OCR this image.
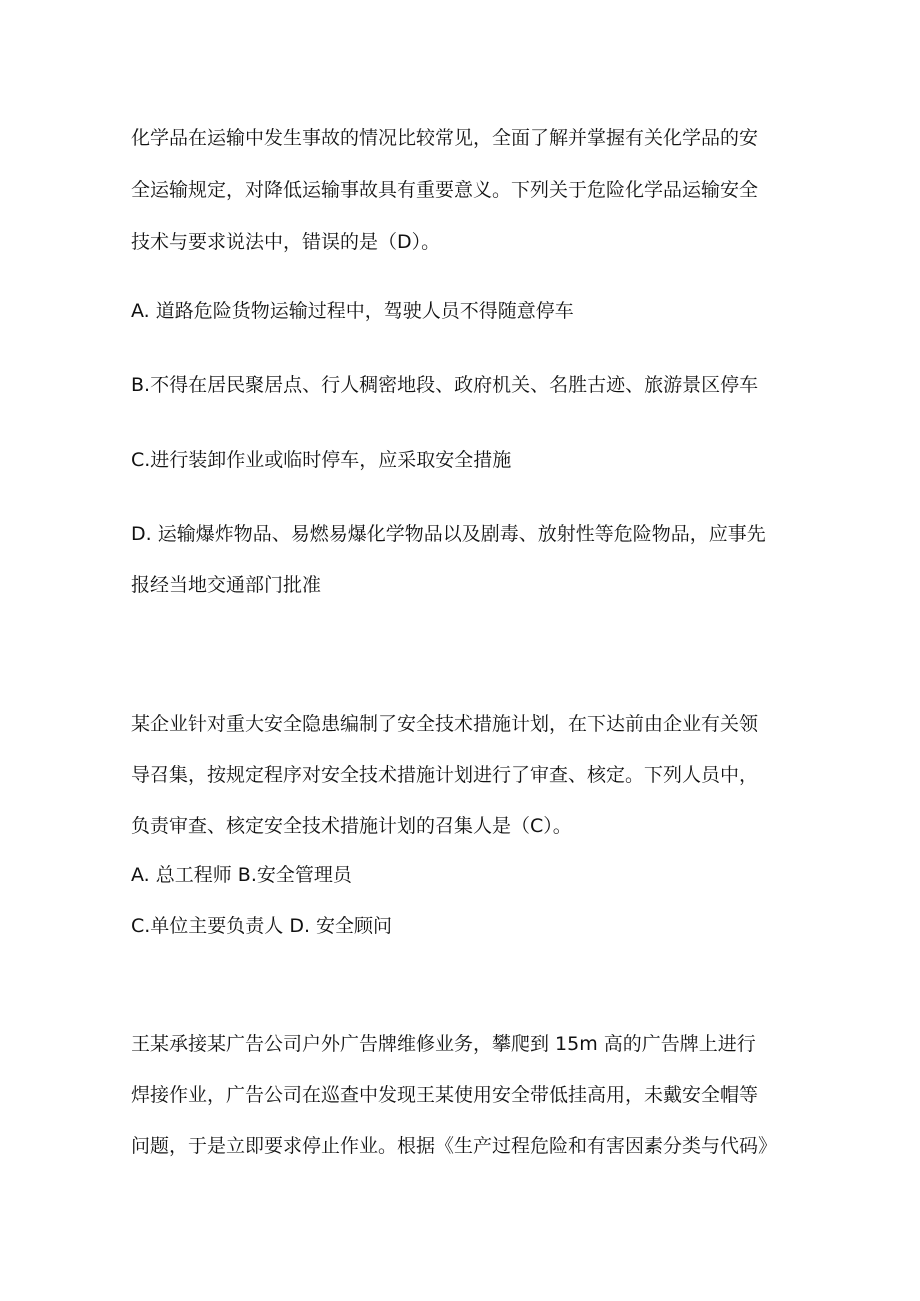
化学品在运输中发生事故的情况比较常见，全面了解并掌握有关化学品的安

全运输规定，对降低运输事故具有重要意义。下列关于危险化学品运输安全

技术与要求说法中，错误的是（D）。

A. 道路危险货物运输过程中，驾驶人员不得随意停车

B.不得在居民聚居点、行人稠密地段、政府机关、名胜古迹、旅游景区停车

C.进行装卸作业或临时停车，应采取安全措施

D. 运输爆炸物品、易燃易爆化学物品以及剧毒、放射性等危险物品，应事先

报经当地交通部门批准

某企业针对重大安全隐患编制了安全技术措施计划，在下达前由企业有关领

导召集，按规定程序对安全技术措施计划进行了审查、核定。下列人员中，

负责审查、核定安全技术措施计划的召集人是（C）。

A. 总工程师 B.安全管理员

C.单位主要负责人 D. 安全顾问

王某承接某广告公司户外广告牌维修业务，攀爬到 15m 高的广告牌上进行

焊接作业，广告公司在巡查中发现王某使用安全带低挂高用，未戴安全帽等

问题，于是立即要求停止作业。根据《生产过程危险和有害因素分类与代码》
